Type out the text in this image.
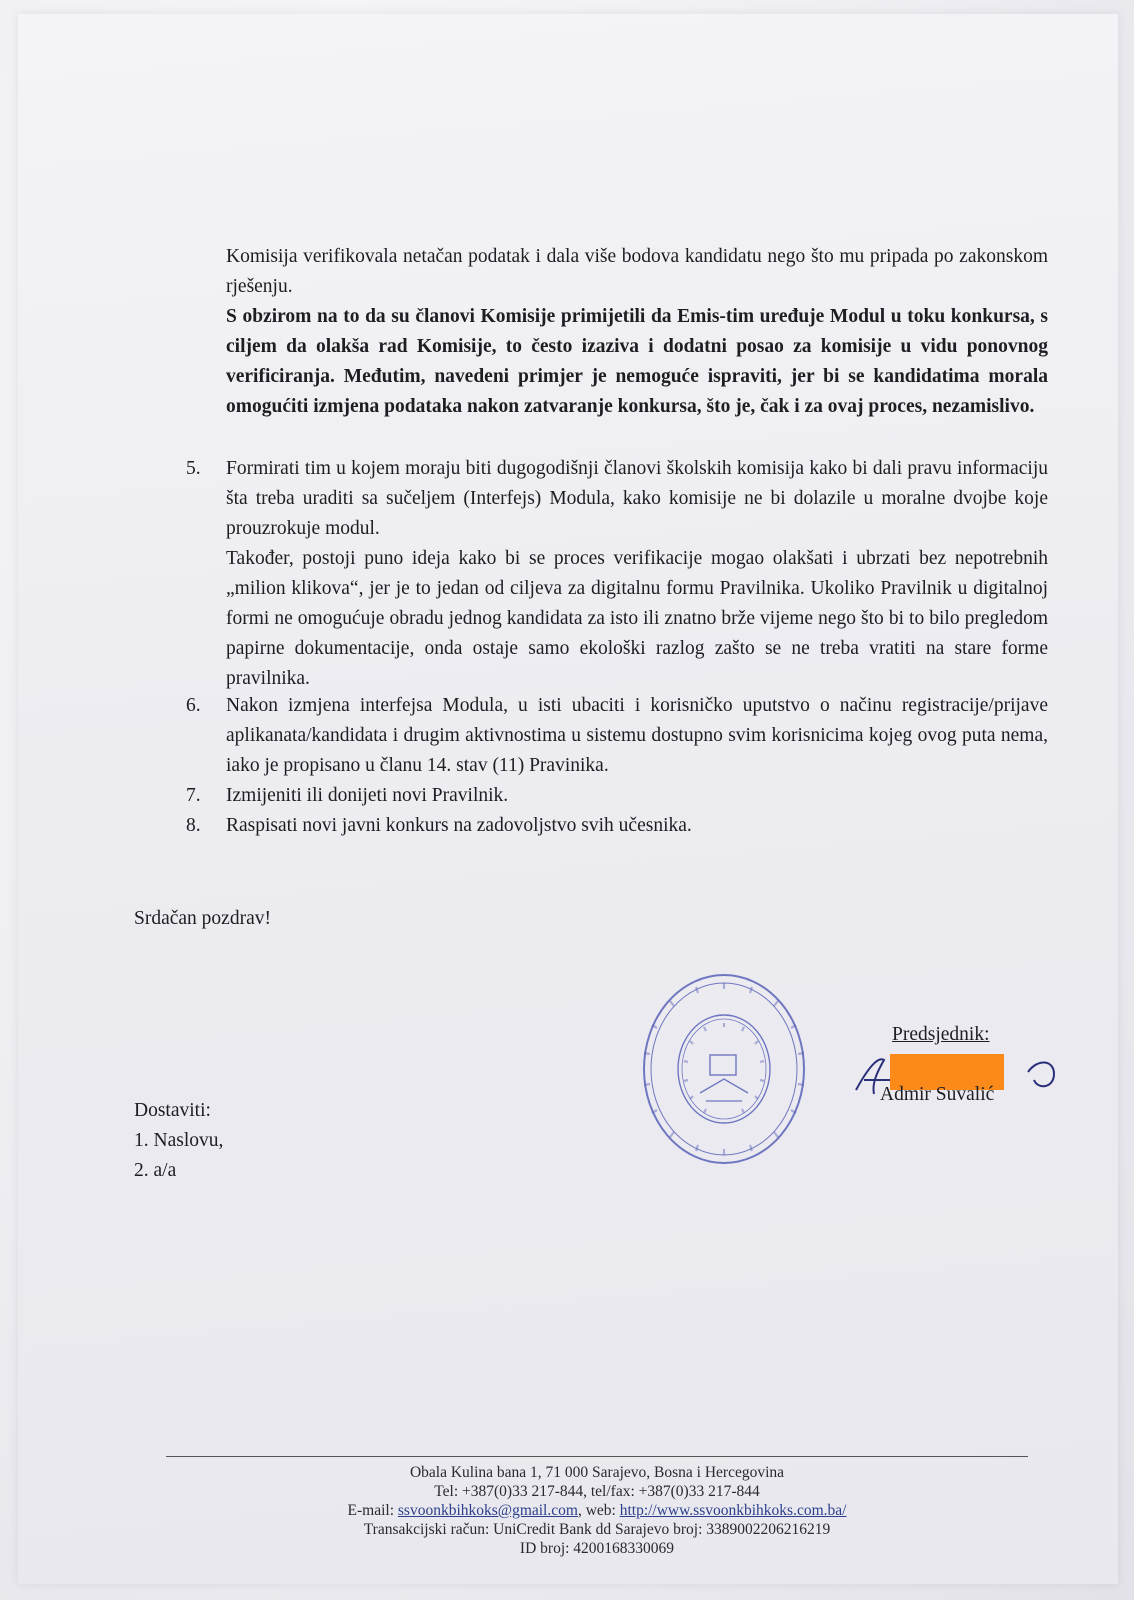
Komisija verifikovala netačan podatak i dala više bodova kandidatu nego što mu pripada po zakonskom rješenju.

S obzirom na to da su članovi Komisije primijetili da Emis-tim uređuje Modul u toku konkursa, s ciljem da olakša rad Komisije, to često izaziva i dodatni posao za komisije u vidu ponovnog verificiranja. Međutim, navedeni primjer je nemoguće ispraviti, jer bi se kandidatima morala omogućiti izmjena podataka nakon zatvaranje konkursa, što je, čak i za ovaj proces, nezamislivo.

5.	Formirati tim u kojem moraju biti dugogodišnji članovi školskih komisija kako bi dali pravu informaciju šta treba uraditi sa sučeljem (Interfejs) Modula, kako komisije ne bi dolazile u moralne dvojbe koje prouzrokuje modul.

Također, postoji puno ideja kako bi se proces verifikacije mogao olakšati i ubrzati bez nepotrebnih „milion klikova“, jer je to jedan od ciljeva za digitalnu formu Pravilnika. Ukoliko Pravilnik u digitalnoj formi ne omogućuje obradu jednog kandidata za isto ili znatno brže vijeme nego što bi to bilo pregledom papirne dokumentacije, onda ostaje samo ekološki razlog zašto se ne treba vratiti na stare forme pravilnika.

6.	Nakon izmjena interfejsa Modula, u isti ubaciti i korisničko uputstvo o načinu registracije/prijave aplikanata/kandidata i drugim aktivnostima u sistemu dostupno svim korisnicima kojeg ovog puta nema, iako je propisano u članu 14. stav (11) Pravinika.

7.	Izmijeniti ili donijeti novi Pravilnik.

8.	Raspisati novi javni konkurs na zadovoljstvo svih učesnika.

Srdačan pozdrav!
Predsjednik:
Admir Suvalić
Dostaviti:
1. Naslovu,
2. a/a
Obala Kulina bana 1, 71 000 Sarajevo, Bosna i Hercegovina
Tel: +387(0)33 217-844, tel/fax: +387(0)33 217-844
E-mail: ssvoonkbihkoks@gmail.com, web: http://www.ssvoonkbihkoks.com.ba/
Transakcijski račun: UniCredit Bank dd Sarajevo broj: 3389002206216219
ID broj: 4200168330069
